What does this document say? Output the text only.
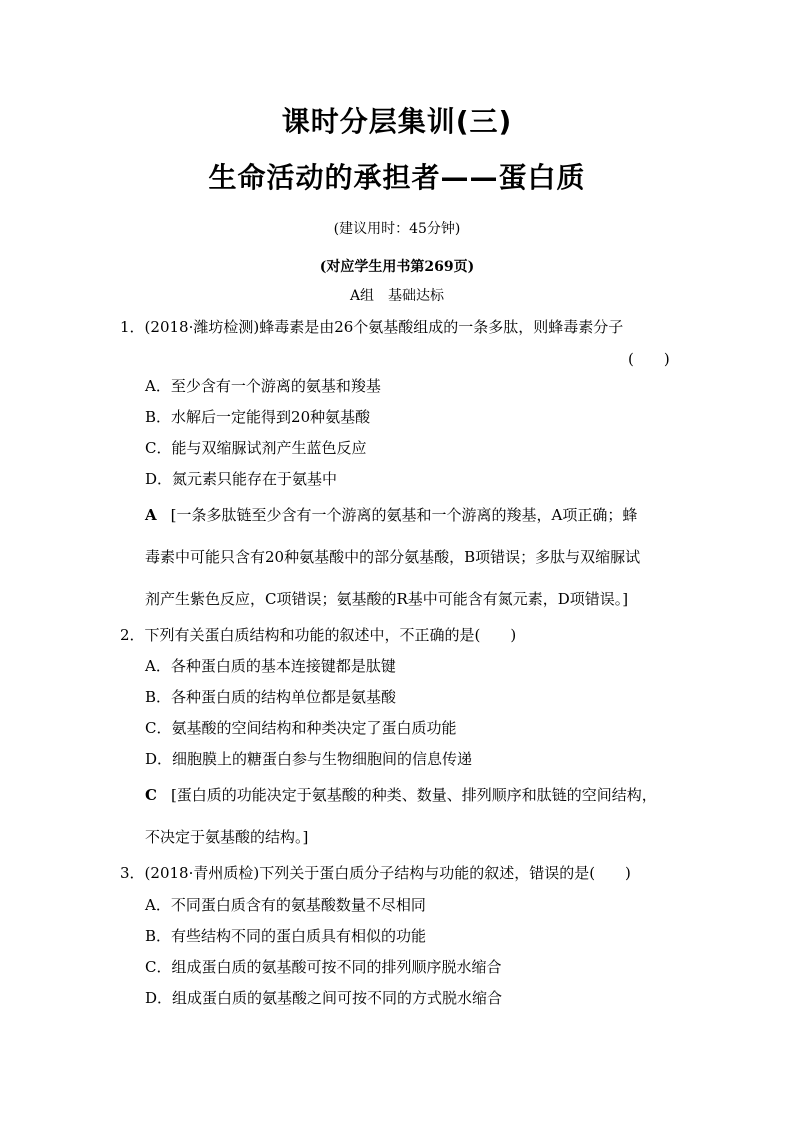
课时分层集训(三)
生命活动的承担者——蛋白质
(建议用时：45分钟)
(对应学生用书第269页)
A组　基础达标
1．(2018·潍坊检测)蜂毒素是由26个氨基酸组成的一条多肽，则蜂毒素分子
(　　)
A．至少含有一个游离的氨基和羧基
B．水解后一定能得到20种氨基酸
C．能与双缩脲试剂产生蓝色反应
D．氮元素只能存在于氨基中
A [一条多肽链至少含有一个游离的氨基和一个游离的羧基，A项正确；蜂
毒素中可能只含有20种氨基酸中的部分氨基酸，B项错误；多肽与双缩脲试
剂产生紫色反应，C项错误；氨基酸的R基中可能含有氮元素，D项错误。]
2．下列有关蛋白质结构和功能的叙述中，不正确的是(　　)
A．各种蛋白质的基本连接键都是肽键
B．各种蛋白质的结构单位都是氨基酸
C．氨基酸的空间结构和种类决定了蛋白质功能
D．细胞膜上的糖蛋白参与生物细胞间的信息传递
C [蛋白质的功能决定于氨基酸的种类、数量、排列顺序和肽链的空间结构，
不决定于氨基酸的结构。]
3．(2018·青州质检)下列关于蛋白质分子结构与功能的叙述，错误的是(　　)
A．不同蛋白质含有的氨基酸数量不尽相同
B．有些结构不同的蛋白质具有相似的功能
C．组成蛋白质的氨基酸可按不同的排列顺序脱水缩合
D．组成蛋白质的氨基酸之间可按不同的方式脱水缩合
